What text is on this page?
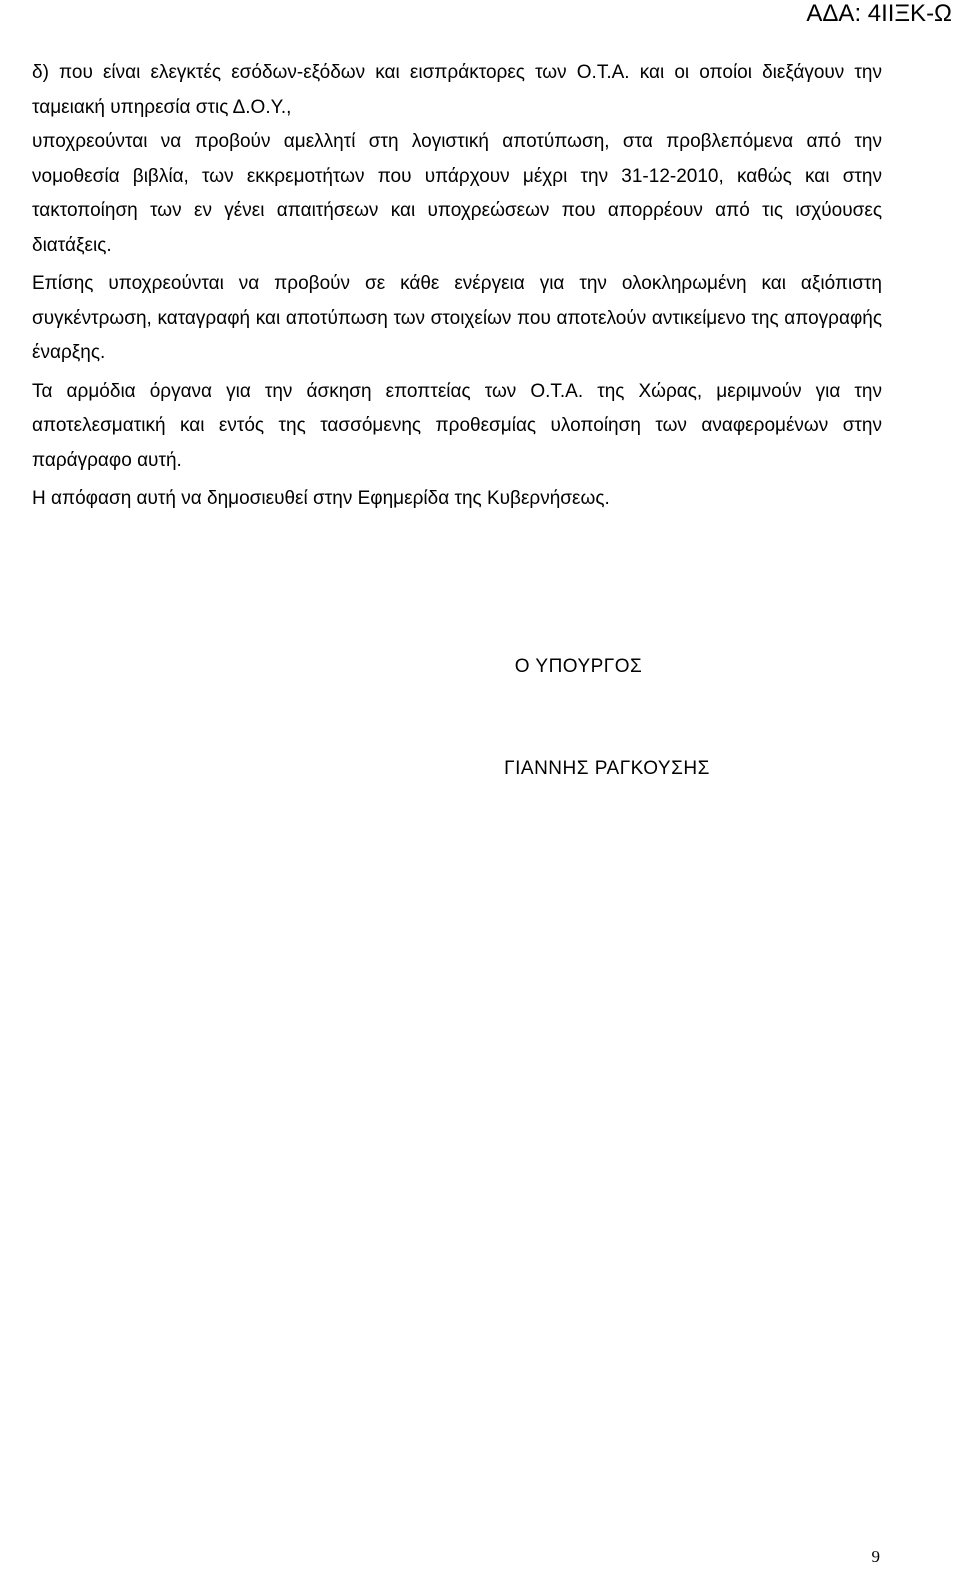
ΑΔΑ: 4ΙΙΞΚ-Ω

δ) που είναι ελεγκτές εσόδων-εξόδων και εισπράκτορες των Ο.Τ.Α. και οι οποίοι διεξάγουν την ταμειακή υπηρεσία στις Δ.Ο.Υ.,

υποχρεούνται να προβούν αμελλητί στη λογιστική αποτύπωση, στα προβλεπόμενα από την νομοθεσία βιβλία, των εκκρεμοτήτων που υπάρχουν μέχρι την 31-12-2010, καθώς και στην τακτοποίηση των εν γένει απαιτήσεων και υποχρεώσεων που απορρέουν από τις ισχύουσες διατάξεις.

Επίσης υποχρεούνται να προβούν σε κάθε ενέργεια για την ολοκληρωμένη και αξιόπιστη συγκέντρωση, καταγραφή και αποτύπωση των στοιχείων που αποτελούν αντικείμενο της απογραφής έναρξης.

Τα αρμόδια όργανα για την άσκηση εποπτείας των Ο.Τ.Α. της Χώρας, μεριμνούν για την αποτελεσματική και εντός της τασσόμενης προθεσμίας υλοποίηση των αναφερομένων στην παράγραφο αυτή.

Η απόφαση αυτή να δημοσιευθεί στην Εφημερίδα της Κυβερνήσεως.

Ο ΥΠΟΥΡΓΟΣ
ΓΙΑΝΝΗΣ ΡΑΓΚΟΥΣΗΣ
9
